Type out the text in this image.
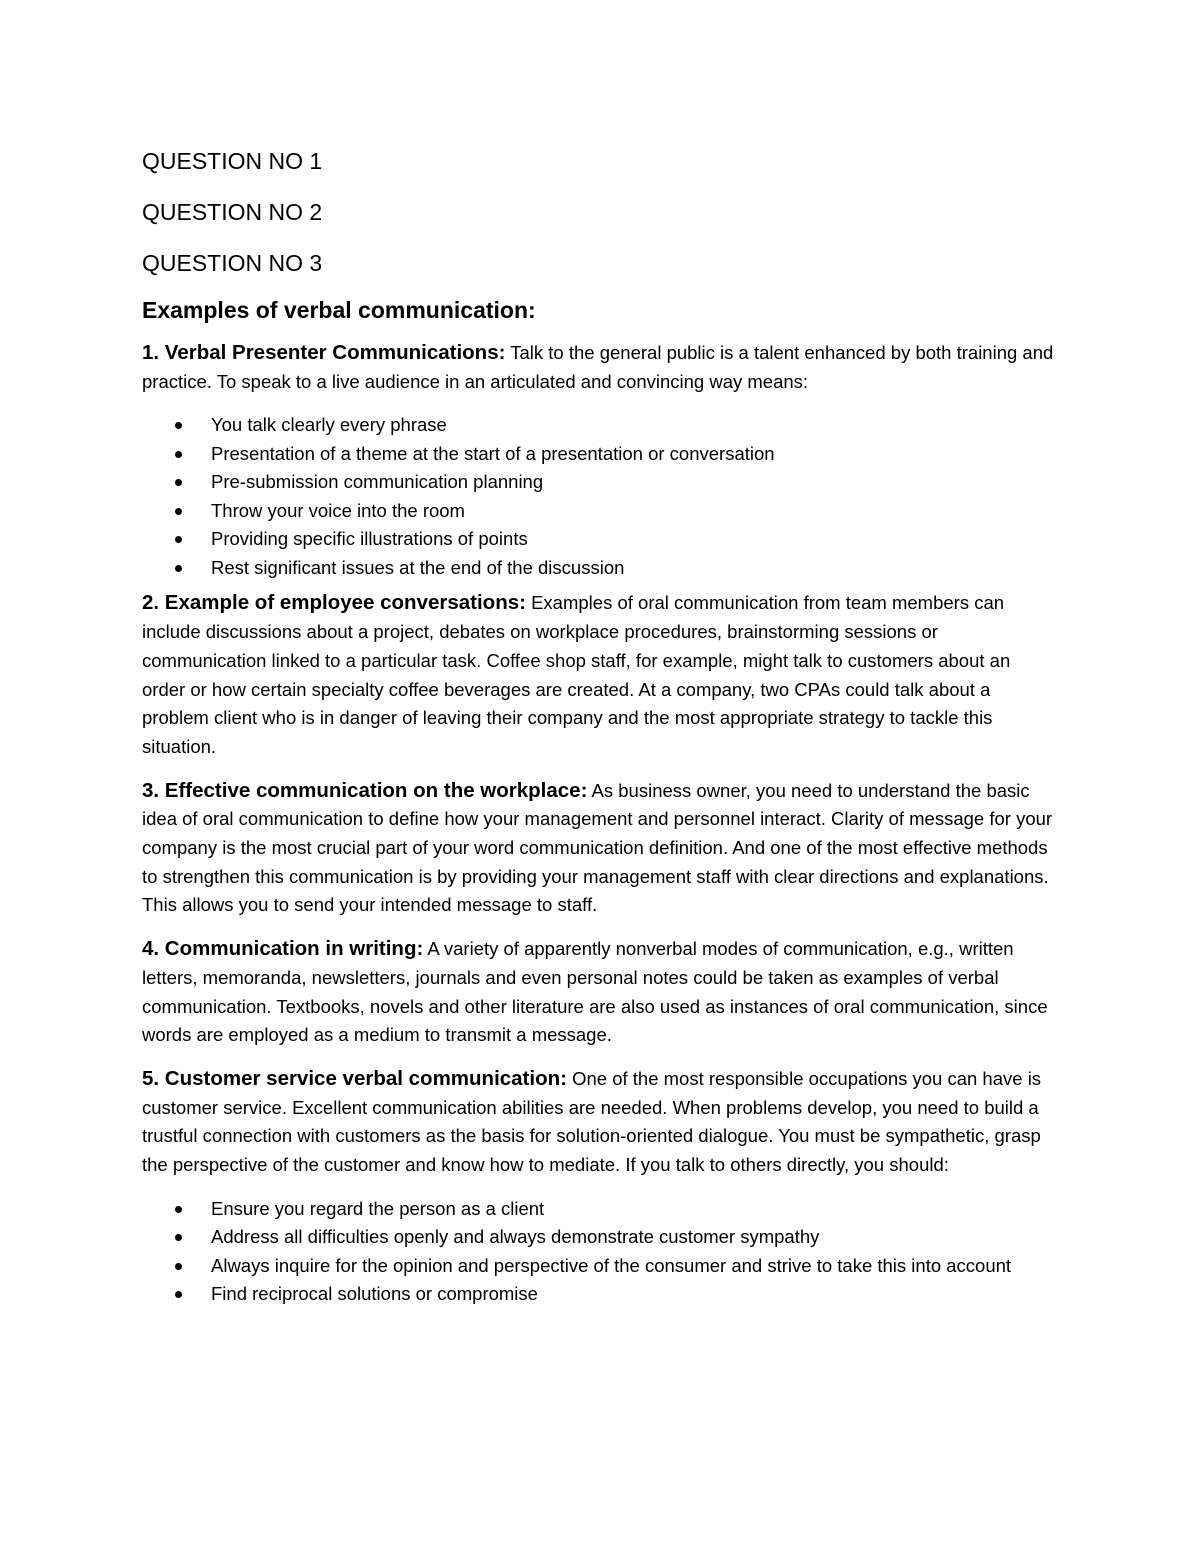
QUESTION NO 1

QUESTION NO 2

QUESTION NO 3

Examples of verbal communication:

1. Verbal Presenter Communications: Talk to the general public is a talent enhanced by both training and practice. To speak to a live audience in an articulated and convincing way means:

You talk clearly every phrase
Presentation of a theme at the start of a presentation or conversation
Pre-submission communication planning
Throw your voice into the room
Providing specific illustrations of points
Rest significant issues at the end of the discussion

2. Example of employee conversations: Examples of oral communication from team members can include discussions about a project, debates on workplace procedures, brainstorming sessions or communication linked to a particular task. Coffee shop staff, for example, might talk to customers about an order or how certain specialty coffee beverages are created. At a company, two CPAs could talk about a problem client who is in danger of leaving their company and the most appropriate strategy to tackle this situation.

3. Effective communication on the workplace: As business owner, you need to understand the basic idea of oral communication to define how your management and personnel interact. Clarity of message for your company is the most crucial part of your word communication definition. And one of the most effective methods to strengthen this communication is by providing your management staff with clear directions and explanations. This allows you to send your intended message to staff.

4. Communication in writing: A variety of apparently nonverbal modes of communication, e.g., written letters, memoranda, newsletters, journals and even personal notes could be taken as examples of verbal communication. Textbooks, novels and other literature are also used as instances of oral communication, since words are employed as a medium to transmit a message.

5. Customer service verbal communication: One of the most responsible occupations you can have is customer service. Excellent communication abilities are needed. When problems develop, you need to build a trustful connection with customers as the basis for solution-oriented dialogue. You must be sympathetic, grasp the perspective of the customer and know how to mediate. If you talk to others directly, you should:

Ensure you regard the person as a client
Address all difficulties openly and always demonstrate customer sympathy
Always inquire for the opinion and perspective of the consumer and strive to take this into account
Find reciprocal solutions or compromise
